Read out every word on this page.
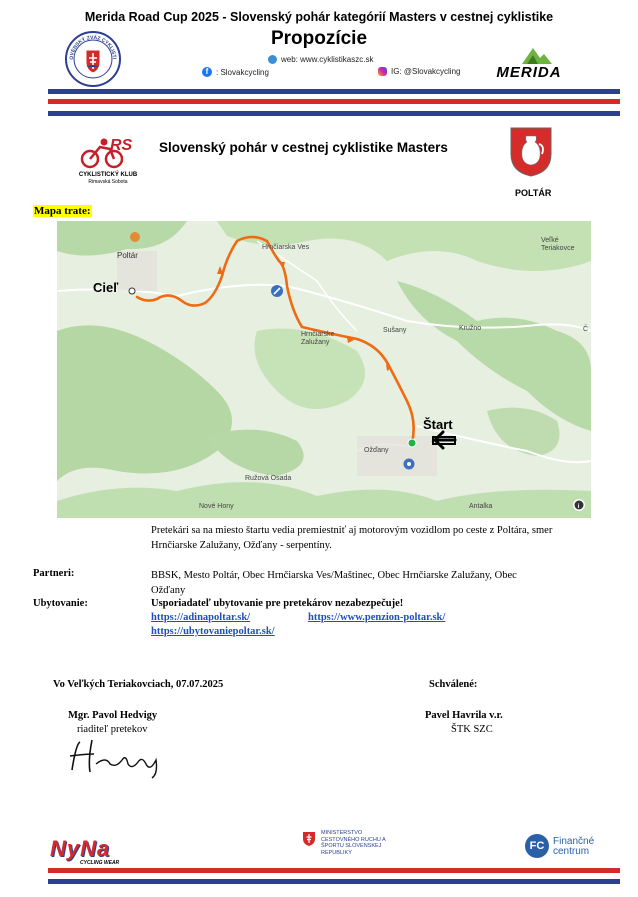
Merida Road Cup 2025 - Slovenský pohár kategórií Masters v cestnej cyklistike
Propozície
OVENSKÝ ZVÄZ CYKLISTI	web: www.cyklistikaszc.sk
f : Slovakcycling	IG: @Slovakcycling	MERIDA
RS
CYKLISTICKÝ KLUB
Rimavská Sobota
Slovenský pohár v cestnej cyklistike Masters
POLTÁR
Mapa trate:
i
Poltár
Hrnčiarska Ves
Sušany
Hrnčiarske Zalužany
Ožďany
Ružová Osada
Nové Hony
Veľké Teriakovce
Kružno
Antalka
Č
Cieľ
Štart
Pretekári sa na miesto štartu vedia premiestniť aj motorovým vozidlom po ceste z Poltára, smer Hrnčiarske Zalužany, Ožďany - serpentíny.
Partneri:	BBSK, Mesto Poltár, Obec Hrnčiarska Ves/Maštinec, Obec Hrnčiarske Zalužany, Obec Ožďany
Ubytovanie:	Usporiadateľ ubytovanie pre pretekárov nezabezpečuje!
https://adinapoltar.sk/	https://www.penzion-poltar.sk/
https://ubytovaniepoltar.sk/
Vo Veľkých Teriakovciach, 07.07.2025	Schválené:
Mgr. Pavol Hedvigy
riaditeľ pretekov
Pavel Havrila v.r.
ŠTK SZC
NyNa
CYCLING WEAR
MINISTERSTVO CESTOVNÉHO RUCHU A ŠPORTU SLOVENSKEJ REPUBLIKY
FC Finančné centrum
